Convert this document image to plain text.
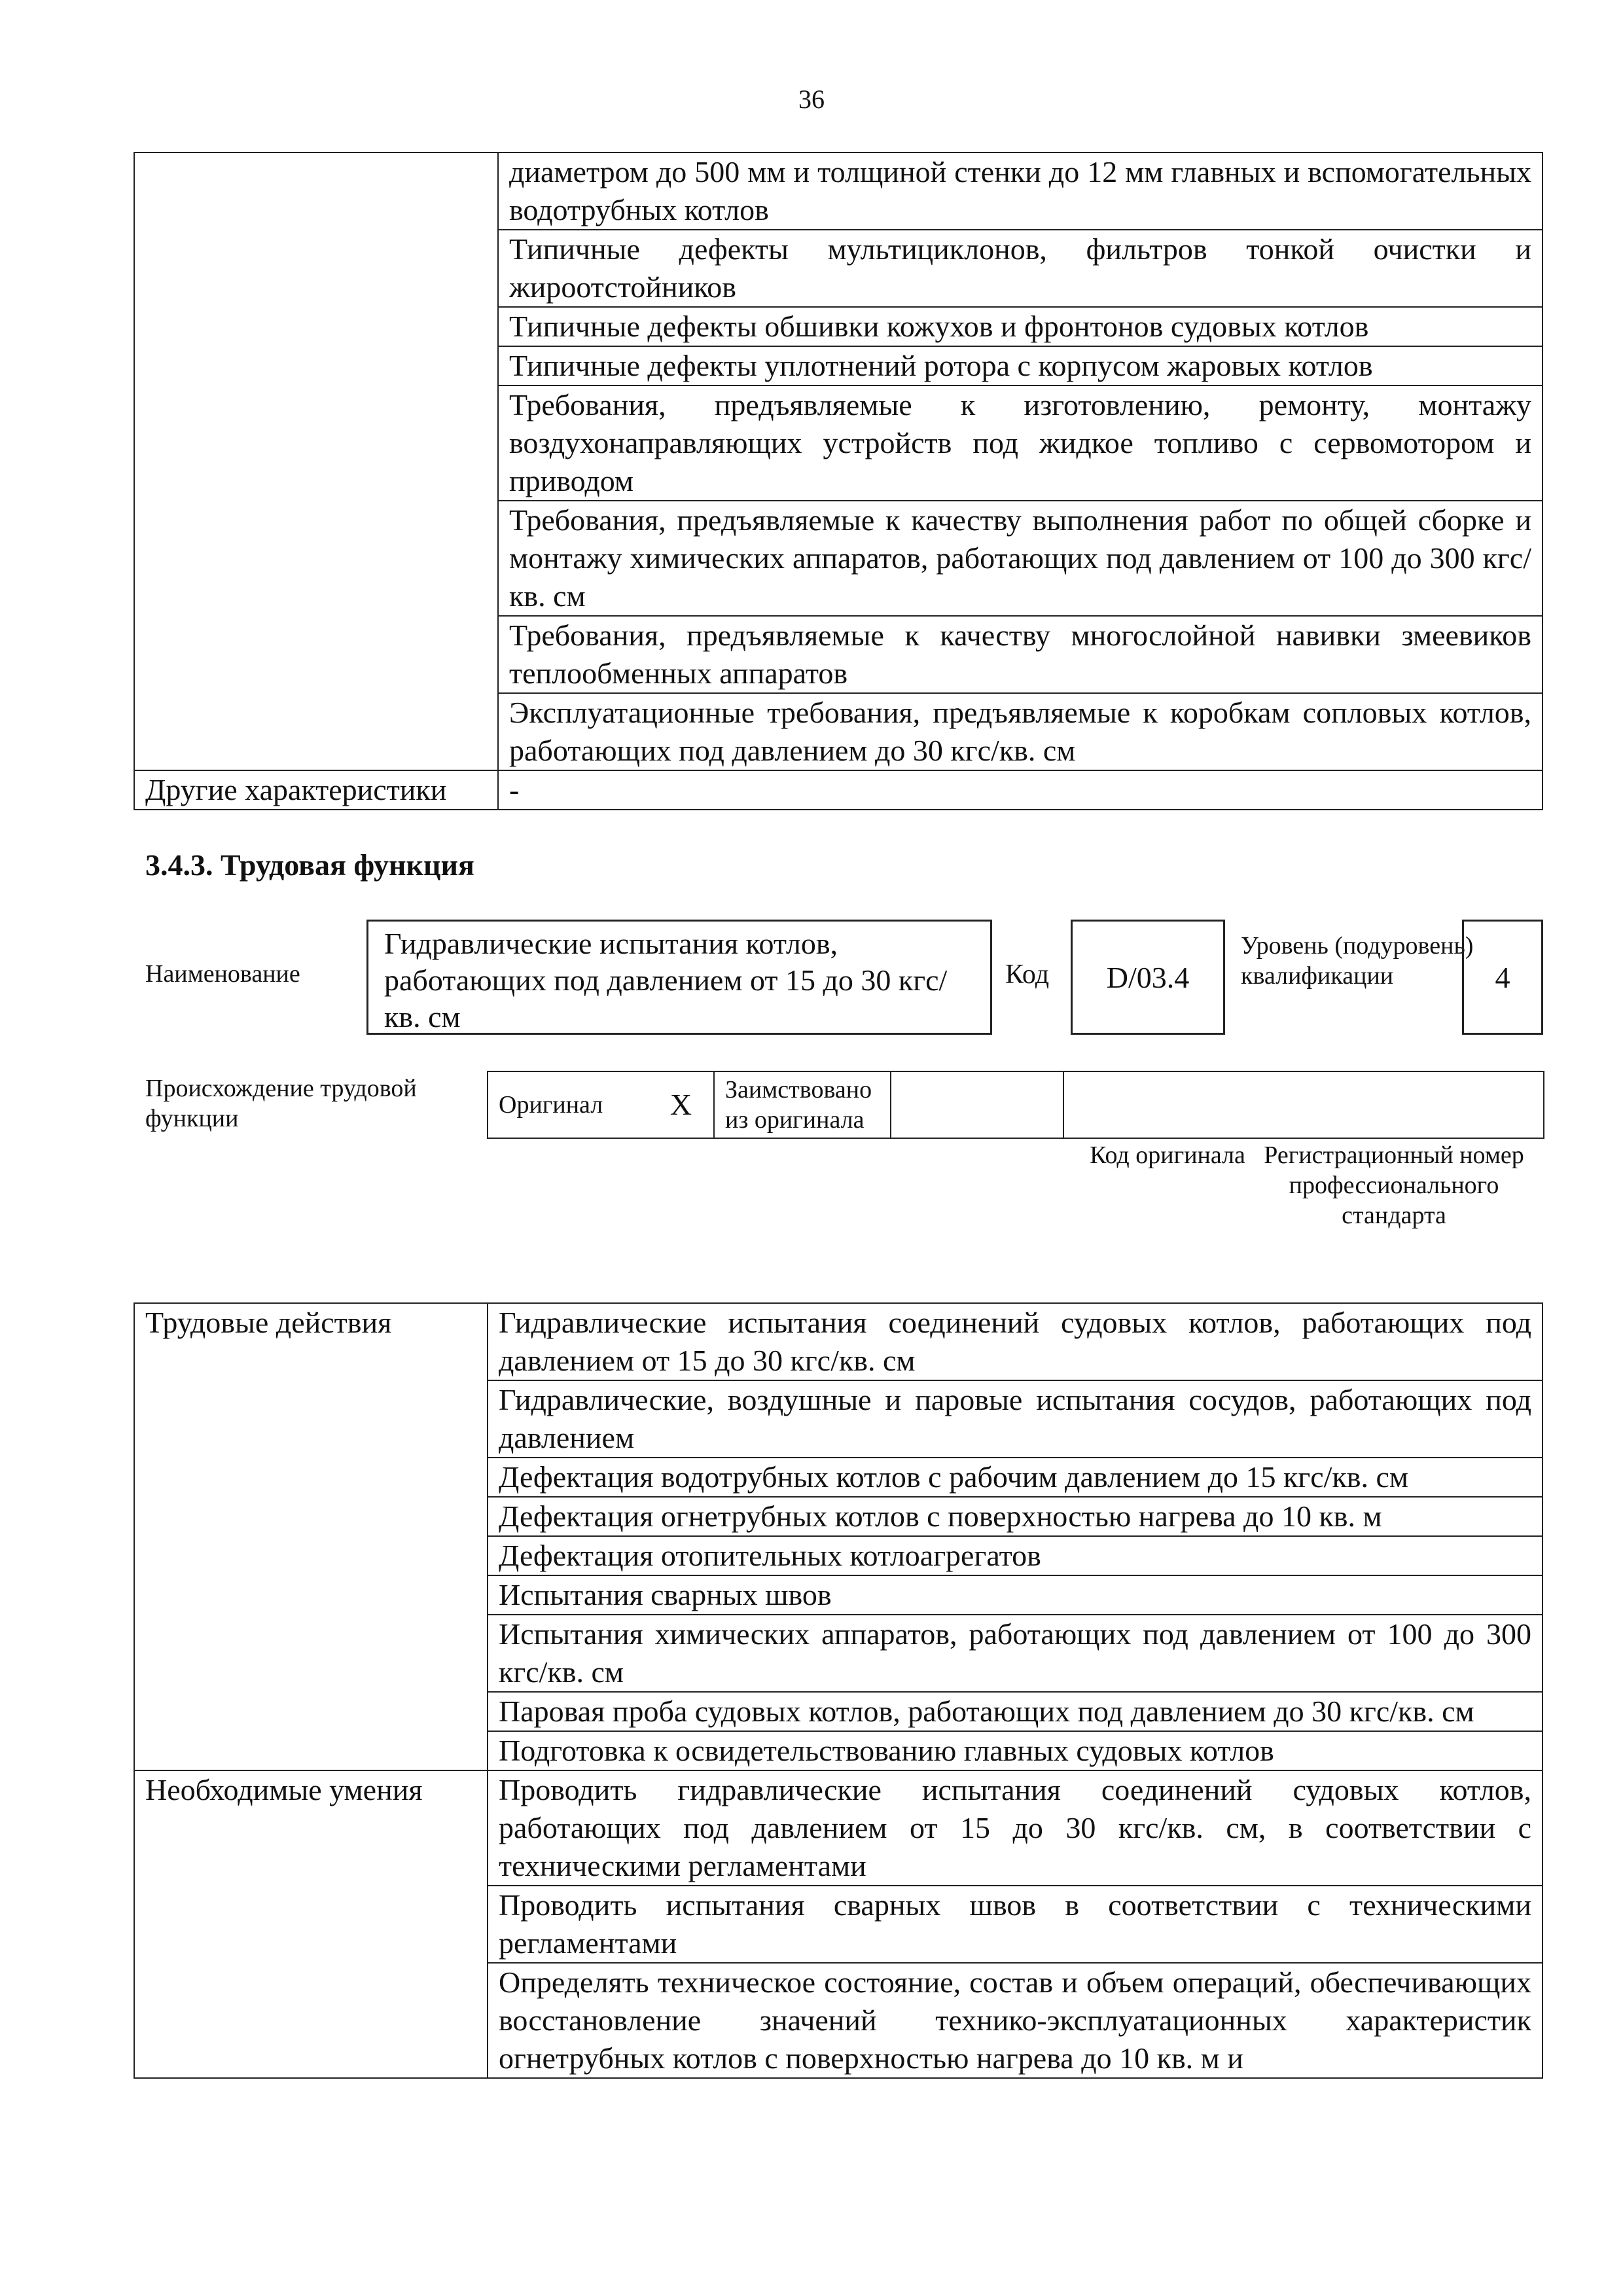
36
	диаметром до 500 мм и толщиной стенки до 12 мм главных и вспомогательных водотрубных котлов
	Типичные дефекты мультициклонов, фильтров тонкой очистки и жироотстойников
	Типичные дефекты обшивки кожухов и фронтонов судовых котлов
	Типичные дефекты уплотнений ротора с корпусом жаровых котлов
	Требования, предъявляемые к изготовлению, ремонту, монтажу воздухонаправляющих устройств под жидкое топливо с сервомотором и приводом
	Требования, предъявляемые к качеству выполнения работ по общей сборке и монтажу химических аппаратов, работающих под давлением от 100 до 300 кгс/кв. см
	Требования, предъявляемые к качеству многослойной навивки змеевиков теплообменных аппаратов
	Эксплуатационные требования, предъявляемые к коробкам сопловых котлов, работающих под давлением до 30 кгс/кв. см
Другие характеристики	-
3.4.3. Трудовая функция
Наименование
Гидравлические испытания котлов, работающих под давлением от 15 до 30 кгс/кв. см
Код	D/03.4
Уровень (подуровень) квалификации	4
Происхождение трудовой функции	Оригинал	X	Заимствовано из оригинала		
Код оригинала Регистрационный номер профессионального стандарта
Трудовые действия	Гидравлические испытания соединений судовых котлов, работающих под давлением от 15 до 30 кгс/кв. см
	Гидравлические, воздушные и паровые испытания сосудов, работающих под давлением
	Дефектация водотрубных котлов с рабочим давлением до 15 кгс/кв. см
	Дефектация огнетрубных котлов с поверхностью нагрева до 10 кв. м
	Дефектация отопительных котлоагрегатов
	Испытания сварных швов
	Испытания химических аппаратов, работающих под давлением от 100 до 300 кгс/кв. см
	Паровая проба судовых котлов, работающих под давлением до 30 кгс/кв. см
	Подготовка к освидетельствованию главных судовых котлов
Необходимые умения	Проводить гидравлические испытания соединений судовых котлов, работающих под давлением от 15 до 30 кгс/кв. см, в соответствии с техническими регламентами
	Проводить испытания сварных швов в соответствии с техническими регламентами
	Определять техническое состояние, состав и объем операций, обеспечивающих восстановление значений технико-эксплуатационных характеристик огнетрубных котлов с поверхностью нагрева до 10 кв. м и
